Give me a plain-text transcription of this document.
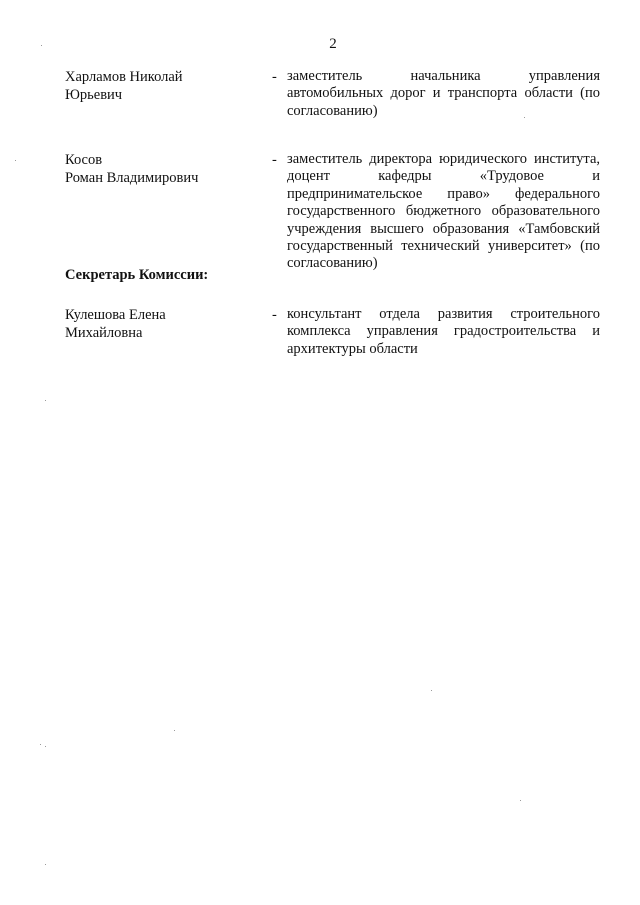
2
Харламов Николай
Юрьевич
- заместитель начальника управления автомобильных дорог и транспорта области (по согласованию)
Косов
Роман Владимирович
- заместитель директора юридического института, доцент кафедры «Трудовое и предпринимательское право» федерального государственного бюджетного образовательного учреждения высшего образования «Тамбовский государственный технический университет» (по согласованию)
Секретарь Комиссии:
Кулешова Елена
Михайловна
- консультант отдела развития строительного комплекса управления градостроительства и архитектуры области
